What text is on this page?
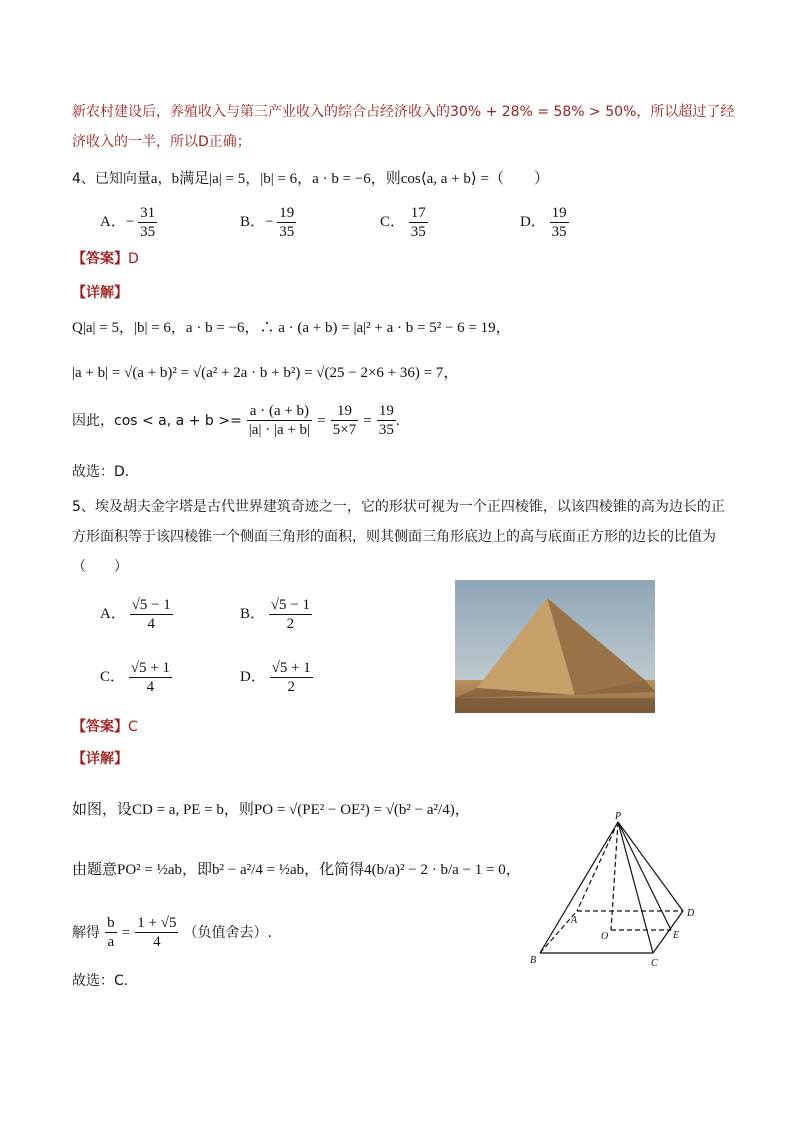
新农村建设后，养殖收入与第三产业收入的综合占经济收入的30% + 28% = 58% > 50%，所以超过了经
济收入的一半，所以D正确；
4、已知向量a，b满足|a| = 5，|b| = 6，a · b = −6，则cos⟨a, a + b⟩ =（　　）
A．− $\frac{31}{35}$	B．− $\frac{19}{35}$	C． $\frac{17}{35}$	D． $\frac{19}{35}$
【答案】D
【详解】
Q|a| = 5，|b| = 6，a · b = −6，∴ a · (a + b) = |a|² + a · b = 5² − 6 = 19，
|a + b| = √(a + b)² = √(a² + 2a · b + b²) = √(25 − 2×6 + 36) = 7，
因此，cos < a, $a + b >= \frac{a \cdot (a + b)}{|a| \cdot |a + b|} = \frac{19}{5\times 7} = \frac{19}{35}$ .
故选：D.
5、埃及胡夫金字塔是古代世界建筑奇迹之一，它的形状可视为一个正四棱锥，以该四棱锥的高为边长的正
方形面积等于该四棱锥一个侧面三角形的面积，则其侧面三角形底边上的高与底面正方形的边长的比值为
（　　）
A． $\frac{√5 - 1}{4}$	B． $\frac{√5 - 1}{2}$
C． $\frac{√5 + 1}{4}$	D． $\frac{√5 + 1}{2}$
【答案】C
【详解】
如图，设CD = a, PE = b，则PO = √(PE² − OE²) = √(b² − a²/4)，
由题意PO² = ½ab，即b² − a²/4 = ½ab，化简得4(b/a)² − 2 · b/a − 1 = 0，
解得 $\frac{b}{a} = \frac{1 + √5}{4}$ （负值舍去）.
故选：C.
P
A
B	C
D
E
O
